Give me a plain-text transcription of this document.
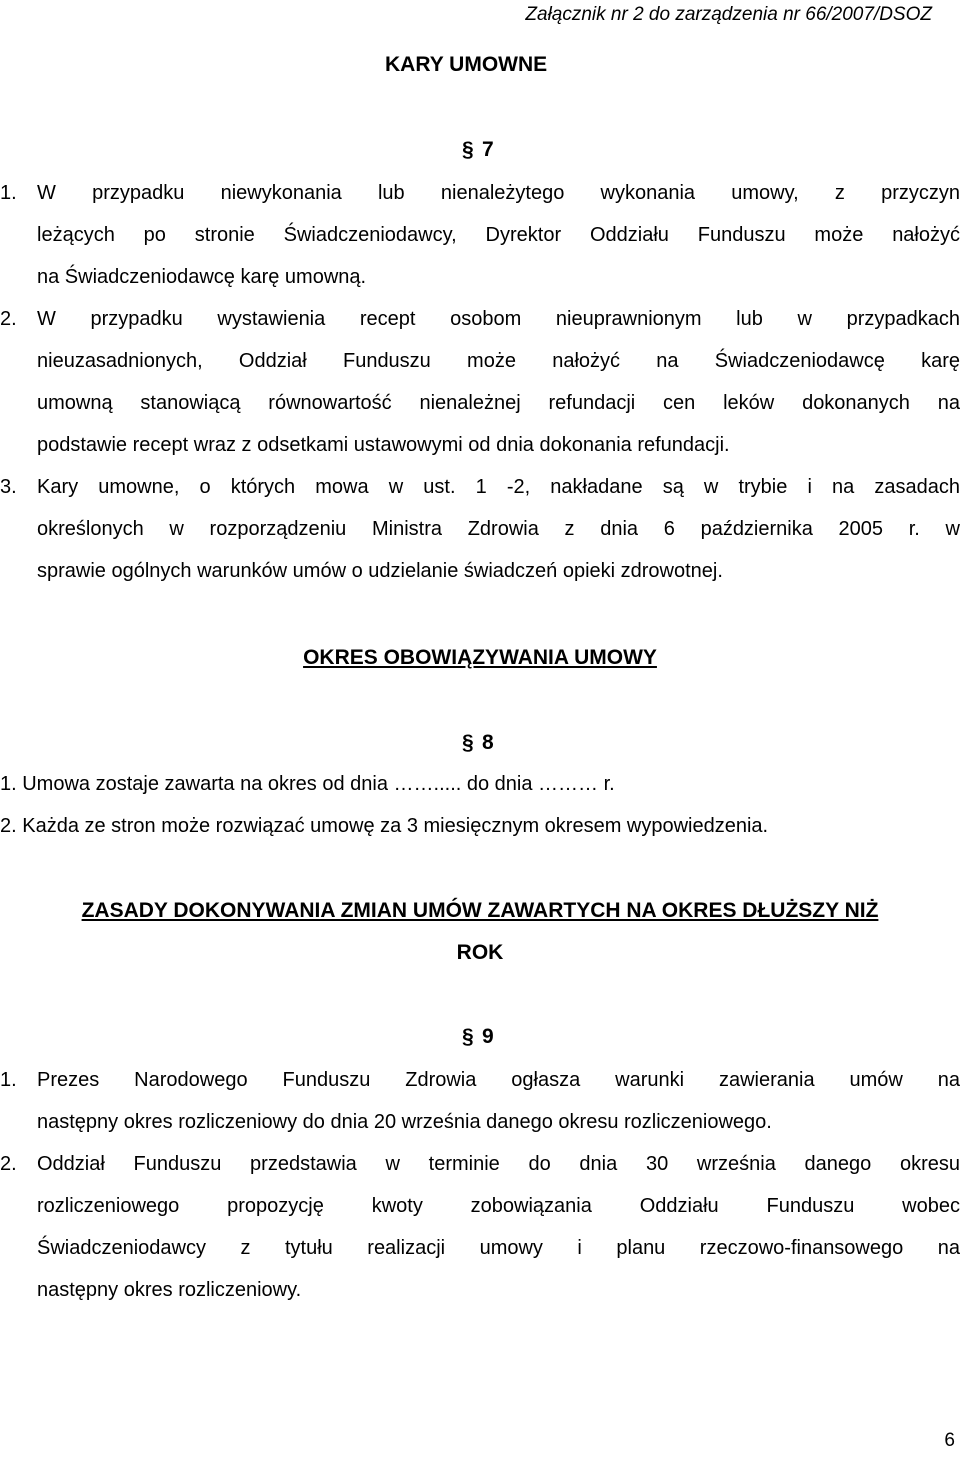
Załącznik nr 2 do zarządzenia nr 66/2007/DSOZ
KARY UMOWNE
§ 7
1. W przypadku niewykonania lub nienależytego wykonania umowy, z przyczyn
leżących po stronie Świadczeniodawcy, Dyrektor Oddziału Funduszu może nałożyć
na Świadczeniodawcę karę umowną.
2. W przypadku wystawienia recept osobom nieuprawnionym lub w przypadkach
nieuzasadnionych, Oddział Funduszu może nałożyć na Świadczeniodawcę karę
umowną stanowiącą równowartość nienależnej refundacji cen leków dokonanych na
podstawie recept wraz z odsetkami ustawowymi od dnia dokonania refundacji.
3. Kary umowne, o których mowa w ust. 1 -2, nakładane są w trybie i na zasadach
określonych w rozporządzeniu Ministra Zdrowia z dnia 6 października 2005 r. w
sprawie ogólnych warunków umów o udzielanie świadczeń opieki zdrowotnej.
OKRES OBOWIĄZYWANIA UMOWY
§ 8
1. Umowa zostaje zawarta na okres od dnia ……..... do dnia ……… r.
2. Każda ze stron może rozwiązać umowę za 3 miesięcznym okresem wypowiedzenia.
ZASADY DOKONYWANIA ZMIAN UMÓW ZAWARTYCH NA OKRES DŁUŻSZY NIŻ
ROK
§ 9
1. Prezes Narodowego Funduszu Zdrowia ogłasza warunki zawierania umów na
następny okres rozliczeniowy do dnia 20 września danego okresu rozliczeniowego.
2. Oddział Funduszu przedstawia w terminie do dnia 30 września danego okresu
rozliczeniowego propozycję kwoty zobowiązania Oddziału Funduszu wobec
Świadczeniodawcy z tytułu realizacji umowy i planu rzeczowo-finansowego na
następny okres rozliczeniowy.
6
